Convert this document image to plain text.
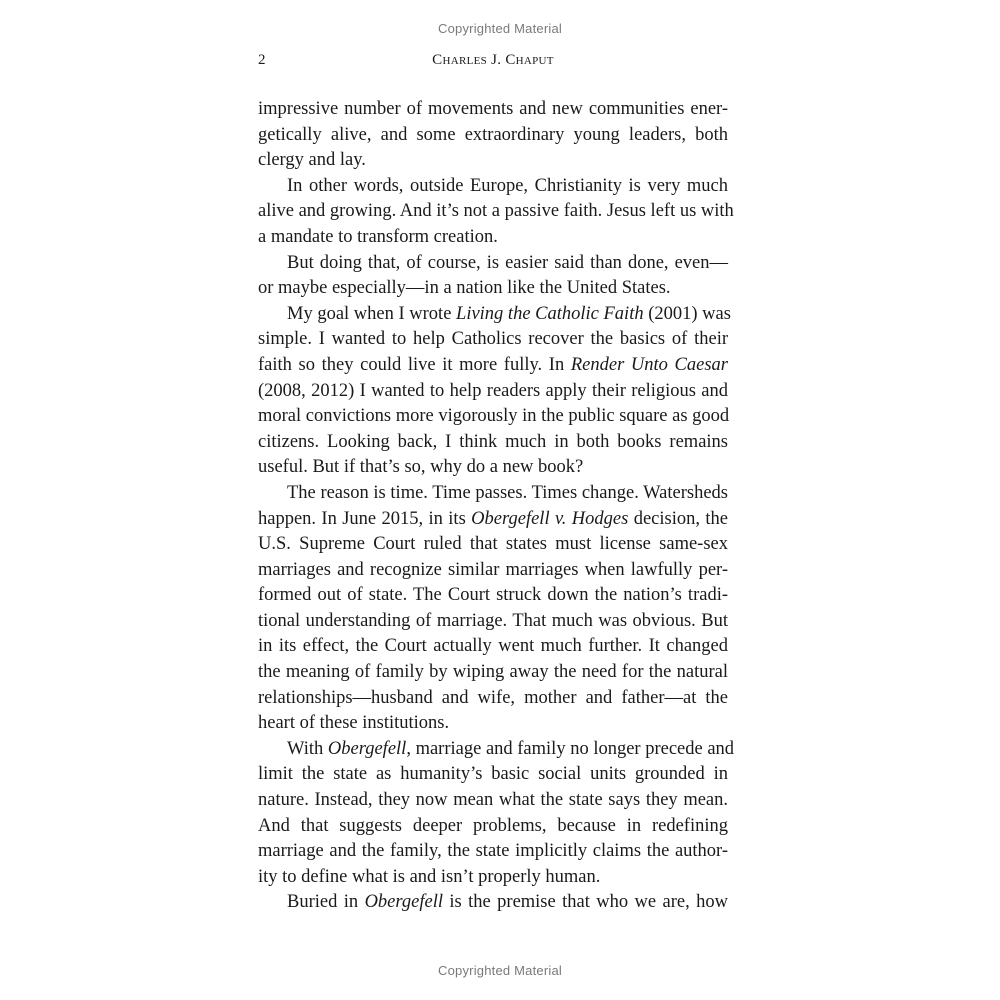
Copyrighted Material
2	Charles J. Chaput
impressive number of movements and new communities ener-
getically alive, and some extraordinary young leaders, both
clergy and lay.
In other words, outside Europe, Christianity is very much
alive and growing. And it’s not a passive faith. Jesus left us with
a mandate to transform creation.
But doing that, of course, is easier said than done, even—
or maybe especially—in a nation like the United States.
My goal when I wrote Living the Catholic Faith (2001) was
simple. I wanted to help Catholics recover the basics of their
faith so they could live it more fully. In Render Unto Caesar
(2008, 2012) I wanted to help readers apply their religious and
moral convictions more vigorously in the public square as good
citizens. Looking back, I think much in both books remains
useful. But if that’s so, why do a new book?
The reason is time. Time passes. Times change. Watersheds
happen. In June 2015, in its Obergefell v. Hodges decision, the
U.S. Supreme Court ruled that states must license same-sex
marriages and recognize similar marriages when lawfully per-
formed out of state. The Court struck down the nation’s tradi-
tional understanding of marriage. That much was obvious. But
in its effect, the Court actually went much further. It changed
the meaning of family by wiping away the need for the natural
relationships—husband and wife, mother and father—at the
heart of these institutions.
With Obergefell, marriage and family no longer precede and
limit the state as humanity’s basic social units grounded in
nature. Instead, they now mean what the state says they mean.
And that suggests deeper problems, because in redefining
marriage and the family, the state implicitly claims the author-
ity to define what is and isn’t properly human.
Buried in Obergefell is the premise that who we are, how
Copyrighted Material
